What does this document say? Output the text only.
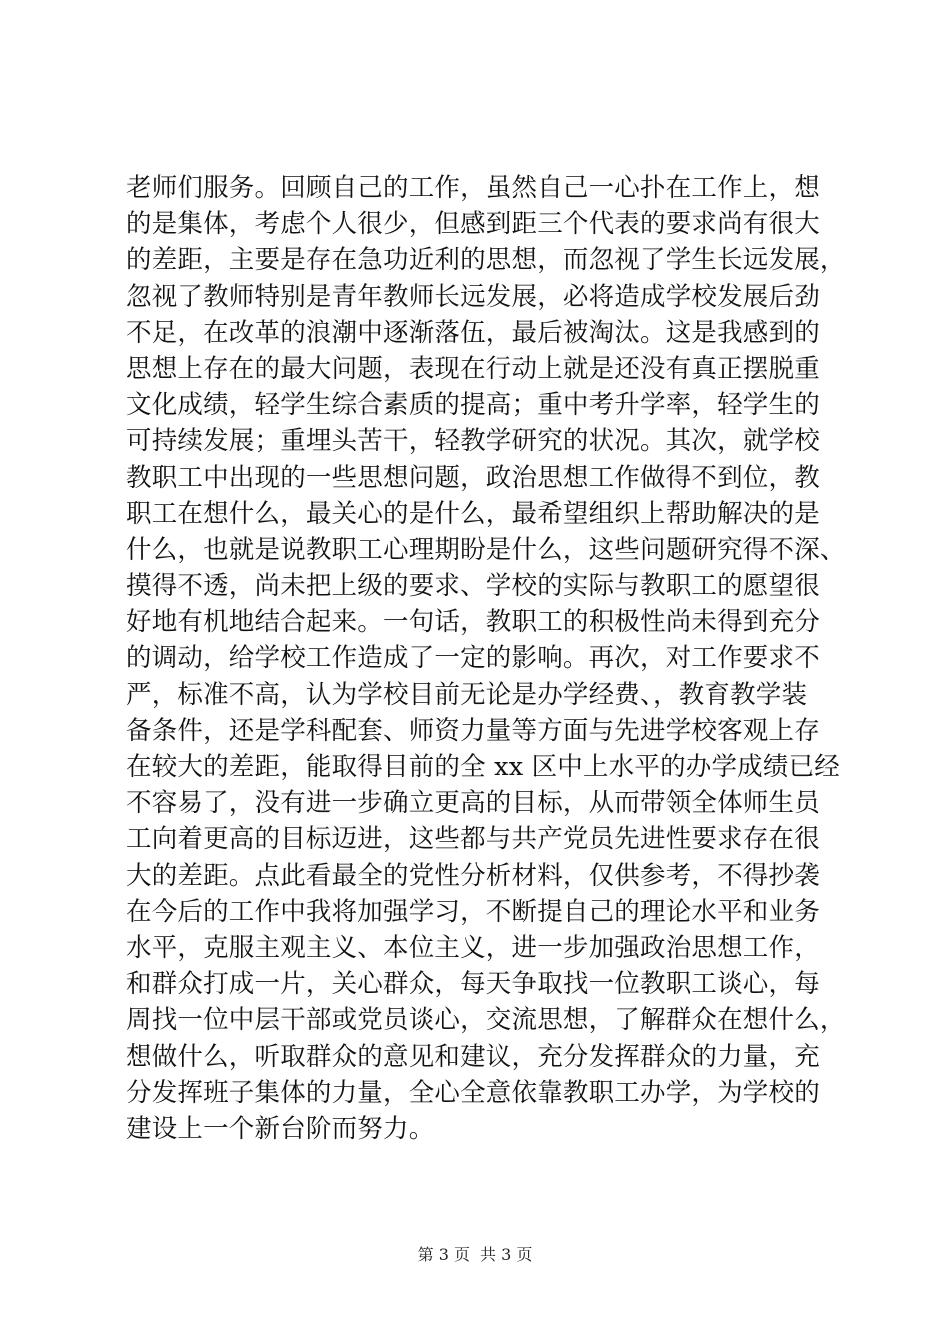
老师们服务。回顾自己的工作，虽然自己一心扑在工作上，想
的是集体，考虑个人很少，但感到距三个代表的要求尚有很大
的差距，主要是存在急功近利的思想，而忽视了学生长远发展，
忽视了教师特别是青年教师长远发展，必将造成学校发展后劲
不足，在改革的浪潮中逐渐落伍，最后被淘汰。这是我感到的
思想上存在的最大问题，表现在行动上就是还没有真正摆脱重
文化成绩，轻学生综合素质的提高；重中考升学率，轻学生的
可持续发展；重埋头苦干，轻教学研究的状况。其次，就学校
教职工中出现的一些思想问题，政治思想工作做得不到位，教
职工在想什么，最关心的是什么，最希望组织上帮助解决的是
什么，也就是说教职工心理期盼是什么，这些问题研究得不深、
摸得不透，尚未把上级的要求、学校的实际与教职工的愿望很
好地有机地结合起来。一句话，教职工的积极性尚未得到充分
的调动，给学校工作造成了一定的影响。再次，对工作要求不
严，标准不高，认为学校目前无论是办学经费、，教育教学装
备条件，还是学科配套、师资力量等方面与先进学校客观上存
在较大的差距，能取得目前的全 xx 区中上水平的办学成绩已经
不容易了，没有进一步确立更高的目标，从而带领全体师生员
工向着更高的目标迈进，这些都与共产党员先进性要求存在很
大的差距。点此看最全的党性分析材料，仅供参考，不得抄袭
在今后的工作中我将加强学习，不断提自己的理论水平和业务
水平，克服主观主义、本位主义，进一步加强政治思想工作，
和群众打成一片，关心群众，每天争取找一位教职工谈心，每
周找一位中层干部或党员谈心，交流思想，了解群众在想什么，
想做什么，听取群众的意见和建议，充分发挥群众的力量，充
分发挥班子集体的力量，全心全意依靠教职工办学，为学校的
建设上一个新台阶而努力。
第 3 页 共 3 页
